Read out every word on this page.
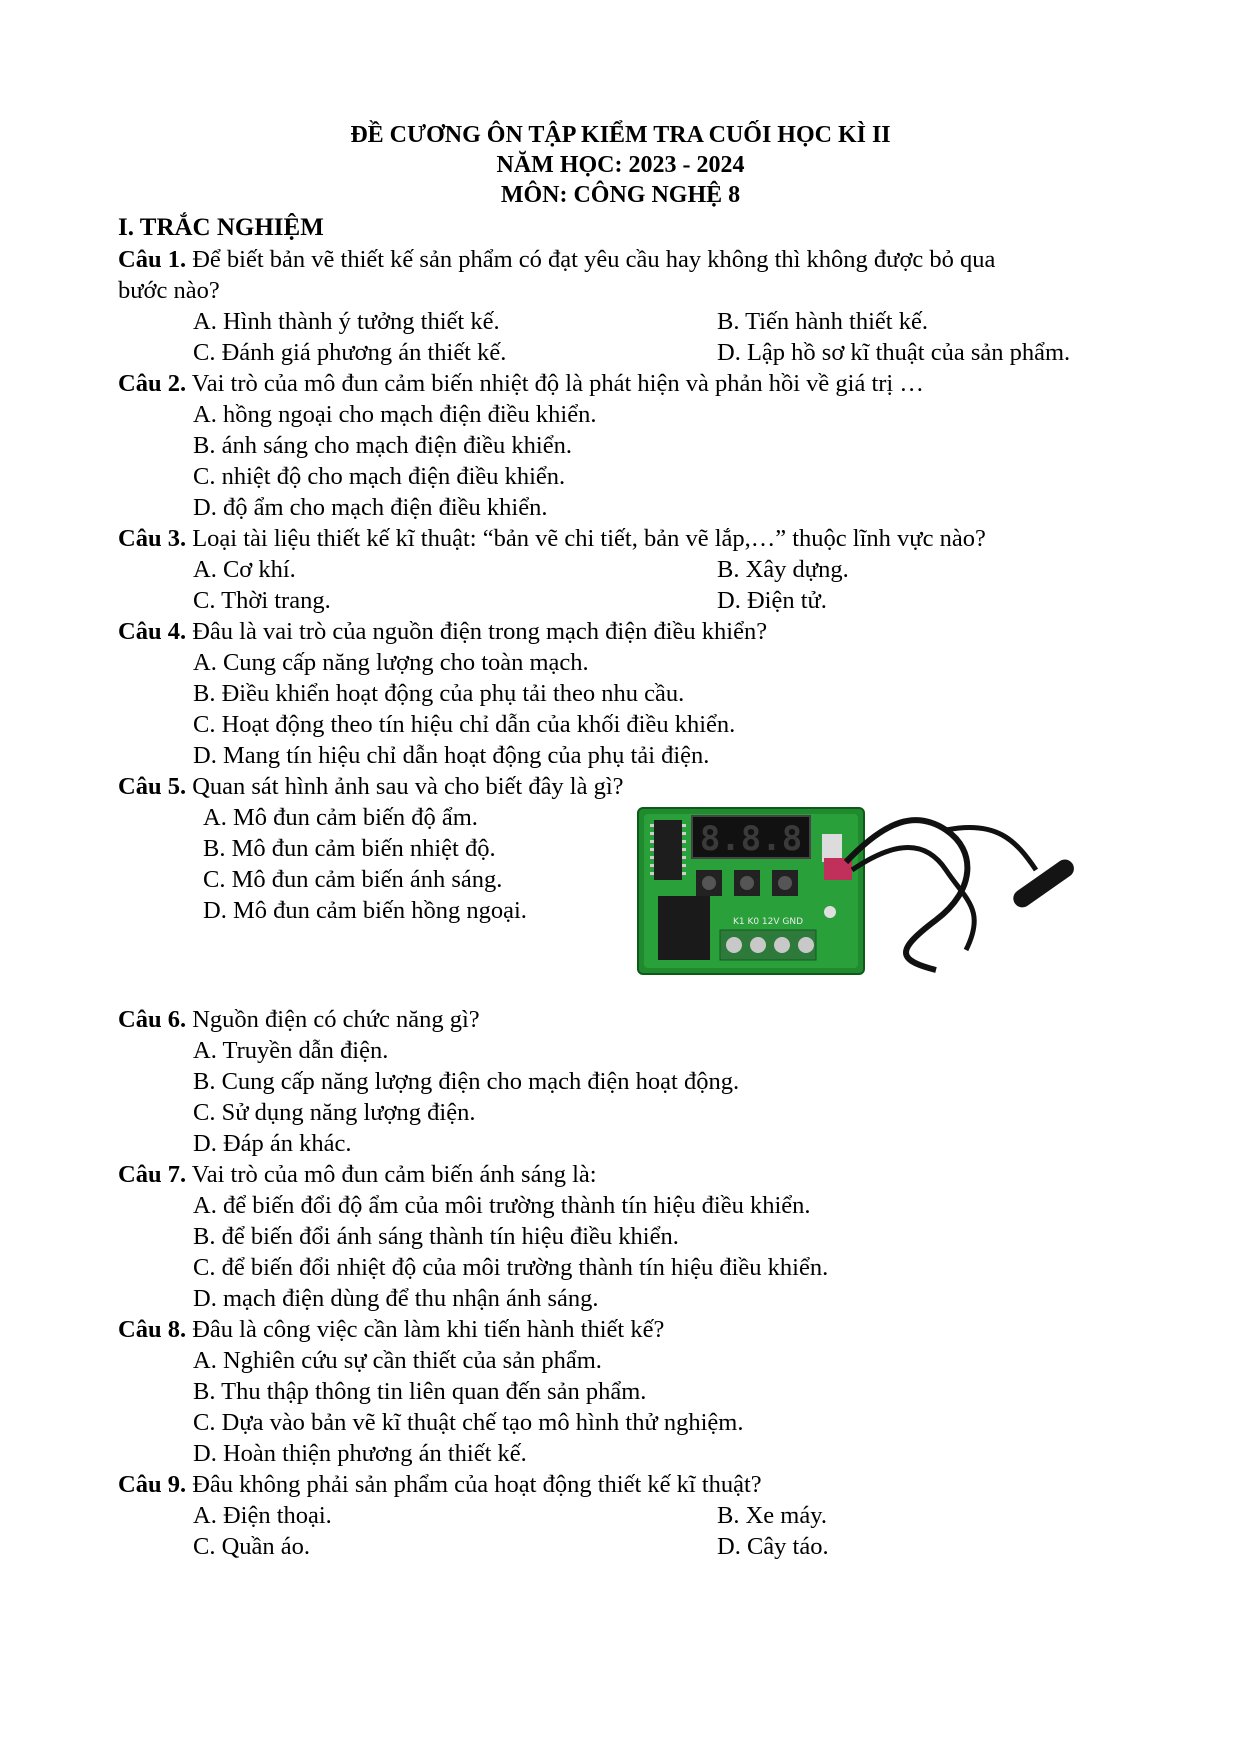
ĐỀ CƯƠNG ÔN TẬP KIỂM TRA CUỐI HỌC KÌ II
NĂM HỌC: 2023 - 2024
MÔN: CÔNG NGHỆ 8
I. TRẮC NGHIỆM
Câu 1. Để biết bản vẽ thiết kế sản phẩm có đạt yêu cầu hay không thì không được bỏ qua
bước nào?
A. Hình thành ý tưởng thiết kế.	B. Tiến hành thiết kế.
C. Đánh giá phương án thiết kế.	D. Lập hồ sơ kĩ thuật của sản phẩm.
Câu 2. Vai trò của mô đun cảm biến nhiệt độ là phát hiện và phản hồi về giá trị …
A. hồng ngoại cho mạch điện điều khiển.
B. ánh sáng cho mạch điện điều khiển.
C. nhiệt độ cho mạch điện điều khiển.
D. độ ẩm cho mạch điện điều khiển.
Câu 3. Loại tài liệu thiết kế kĩ thuật: “bản vẽ chi tiết, bản vẽ lắp,…” thuộc lĩnh vực nào?
A. Cơ khí.	B. Xây dựng.
C. Thời trang.	D. Điện tử.
Câu 4. Đâu là vai trò của nguồn điện trong mạch điện điều khiển?
A. Cung cấp năng lượng cho toàn mạch.
B. Điều khiển hoạt động của phụ tải theo nhu cầu.
C. Hoạt động theo tín hiệu chỉ dẫn của khối điều khiển.
D. Mang tín hiệu chỉ dẫn hoạt động của phụ tải điện.
Câu 5. Quan sát hình ảnh sau và cho biết đây là gì?
A. Mô đun cảm biến độ ẩm.
B. Mô đun cảm biến nhiệt độ.
C. Mô đun cảm biến ánh sáng.
D. Mô đun cảm biến hồng ngoại.
8.8.8
K1 K0 12V GND
Câu 6. Nguồn điện có chức năng gì?
A. Truyền dẫn điện.
B. Cung cấp năng lượng điện cho mạch điện hoạt động.
C. Sử dụng năng lượng điện.
D. Đáp án khác.
Câu 7. Vai trò của mô đun cảm biến ánh sáng là:
A. để biến đổi độ ẩm của môi trường thành tín hiệu điều khiển.
B. để biến đổi ánh sáng thành tín hiệu điều khiển.
C. để biến đổi nhiệt độ của môi trường thành tín hiệu điều khiển.
D. mạch điện dùng để thu nhận ánh sáng.
Câu 8. Đâu là công việc cần làm khi tiến hành thiết kế?
A. Nghiên cứu sự cần thiết của sản phẩm.
B. Thu thập thông tin liên quan đến sản phẩm.
C. Dựa vào bản vẽ kĩ thuật chế tạo mô hình thử nghiệm.
D. Hoàn thiện phương án thiết kế.
Câu 9. Đâu không phải sản phẩm của hoạt động thiết kế kĩ thuật?
A. Điện thoại.	B. Xe máy.
C. Quần áo.	D. Cây táo.
